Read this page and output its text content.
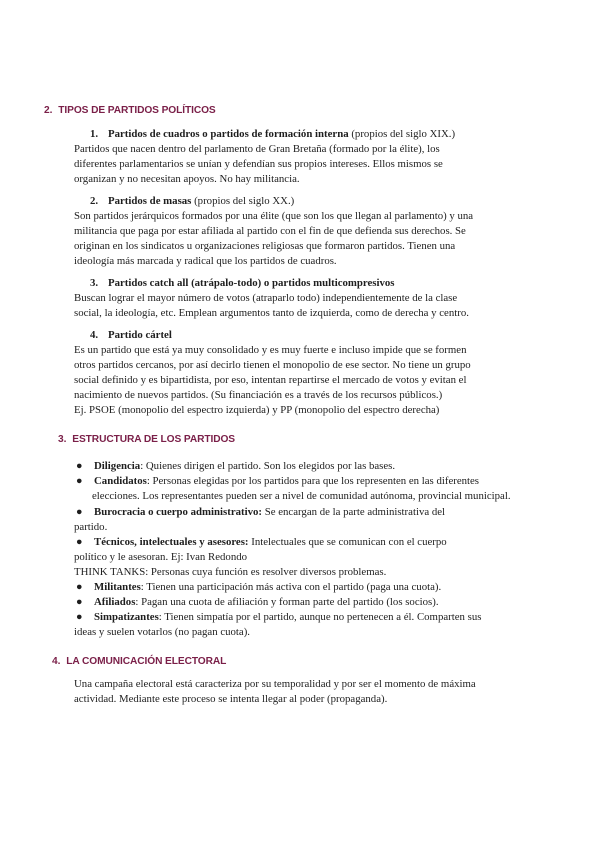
2. TIPOS DE PARTIDOS POLÍTICOS
1. Partidos de cuadros o partidos de formación interna (propios del siglo XIX.)
Partidos que nacen dentro del parlamento de Gran Bretaña (formado por la élite), los
diferentes parlamentarios se unían y defendían sus propios intereses. Ellos mismos se
organizan y no necesitan apoyos. No hay militancia.
2. Partidos de masas (propios del siglo XX.)
Son partidos jerárquicos formados por una élite (que son los que llegan al parlamento) y una
militancia que paga por estar afiliada al partido con el fin de que defienda sus derechos. Se
originan en los sindicatos u organizaciones religiosas que formaron partidos. Tienen una
ideología más marcada y radical que los partidos de cuadros.
3. Partidos catch all (atrápalo-todo) o partidos multicompresivos
Buscan lograr el mayor número de votos (atraparlo todo) independientemente de la clase
social, la ideología, etc. Emplean argumentos tanto de izquierda, como de derecha y centro.
4. Partido cártel
Es un partido que está ya muy consolidado y es muy fuerte e incluso impide que se formen
otros partidos cercanos, por así decirlo tienen el monopolio de ese sector. No tiene un grupo
social definido y es bipartidista, por eso, intentan repartirse el mercado de votos y evitan el
nacimiento de nuevos partidos. (Su financiación es a través de los recursos públicos.)
Ej. PSOE (monopolio del espectro izquierda) y PP (monopolio del espectro derecha)
3. ESTRUCTURA DE LOS PARTIDOS
● Diligencia: Quienes dirigen el partido. Son los elegidos por las bases.
● Candidatos: Personas elegidas por los partidos para que los representen en las diferentes
elecciones. Los representantes pueden ser a nivel de comunidad autónoma, provincial municipal.
● Burocracia o cuerpo administrativo: Se encargan de la parte administrativa del
partido.
● Técnicos, intelectuales y asesores: Intelectuales que se comunican con el cuerpo
político y le asesoran. Ej: Ivan Redondo
THINK TANKS: Personas cuya función es resolver diversos problemas.
● Militantes: Tienen una participación más activa con el partido (paga una cuota).
● Afiliados: Pagan una cuota de afiliación y forman parte del partido (los socios).
● Simpatizantes: Tienen simpatía por el partido, aunque no pertenecen a él. Comparten sus
ideas y suelen votarlos (no pagan cuota).
4. LA COMUNICACIÓN ELECTORAL
Una campaña electoral está caracteriza por su temporalidad y por ser el momento de máxima
actividad. Mediante este proceso se intenta llegar al poder (propaganda).
